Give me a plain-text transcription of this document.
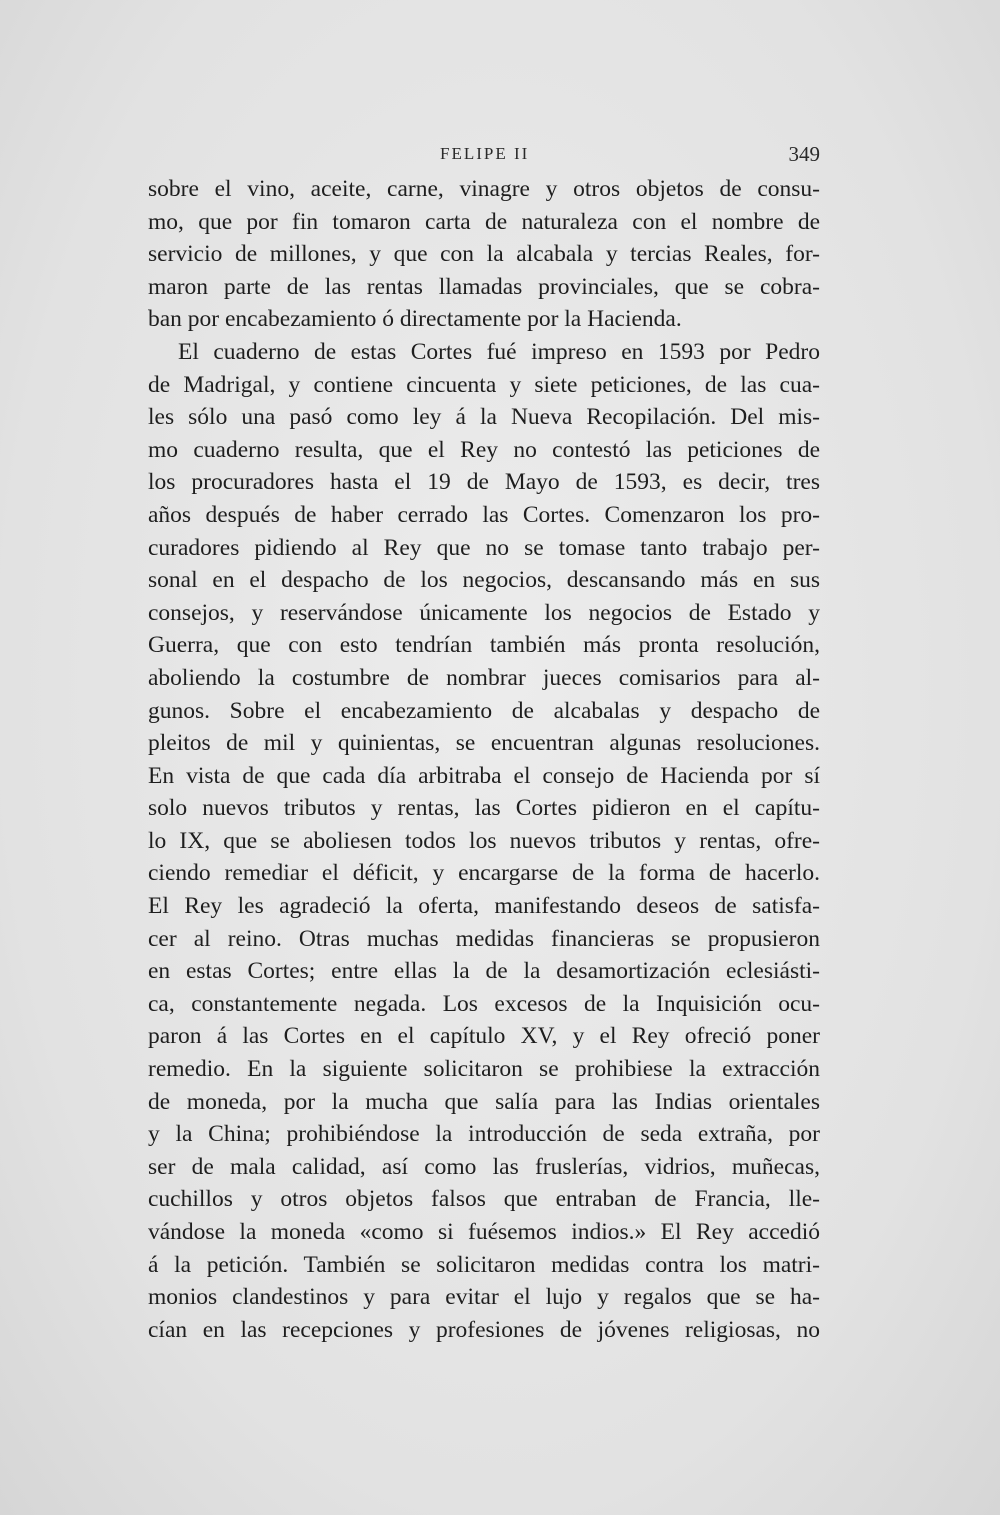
FELIPE II	349
sobre el vino, aceite, carne, vinagre y otros objetos de consu-
mo, que por fin tomaron carta de naturaleza con el nombre de
servicio de millones, y que con la alcabala y tercias Reales, for-
maron parte de las rentas llamadas provinciales, que se cobra-
ban por encabezamiento ó directamente por la Hacienda.
El cuaderno de estas Cortes fué impreso en 1593 por Pedro
de Madrigal, y contiene cincuenta y siete peticiones, de las cua-
les sólo una pasó como ley á la Nueva Recopilación. Del mis-
mo cuaderno resulta, que el Rey no contestó las peticiones de
los procuradores hasta el 19 de Mayo de 1593, es decir, tres
años después de haber cerrado las Cortes. Comenzaron los pro-
curadores pidiendo al Rey que no se tomase tanto trabajo per-
sonal en el despacho de los negocios, descansando más en sus
consejos, y reservándose únicamente los negocios de Estado y
Guerra, que con esto tendrían también más pronta resolución,
aboliendo la costumbre de nombrar jueces comisarios para al-
gunos. Sobre el encabezamiento de alcabalas y despacho de
pleitos de mil y quinientas, se encuentran algunas resoluciones.
En vista de que cada día arbitraba el consejo de Hacienda por sí
solo nuevos tributos y rentas, las Cortes pidieron en el capítu-
lo IX, que se aboliesen todos los nuevos tributos y rentas, ofre-
ciendo remediar el déficit, y encargarse de la forma de hacerlo.
El Rey les agradeció la oferta, manifestando deseos de satisfa-
cer al reino. Otras muchas medidas financieras se propusieron
en estas Cortes; entre ellas la de la desamortización eclesiásti-
ca, constantemente negada. Los excesos de la Inquisición ocu-
paron á las Cortes en el capítulo XV, y el Rey ofreció poner
remedio. En la siguiente solicitaron se prohibiese la extracción
de moneda, por la mucha que salía para las Indias orientales
y la China; prohibiéndose la introducción de seda extraña, por
ser de mala calidad, así como las fruslerías, vidrios, muñecas,
cuchillos y otros objetos falsos que entraban de Francia, lle-
vándose la moneda «como si fuésemos indios.» El Rey accedió
á la petición. También se solicitaron medidas contra los matri-
monios clandestinos y para evitar el lujo y regalos que se ha-
cían en las recepciones y profesiones de jóvenes religiosas, no
